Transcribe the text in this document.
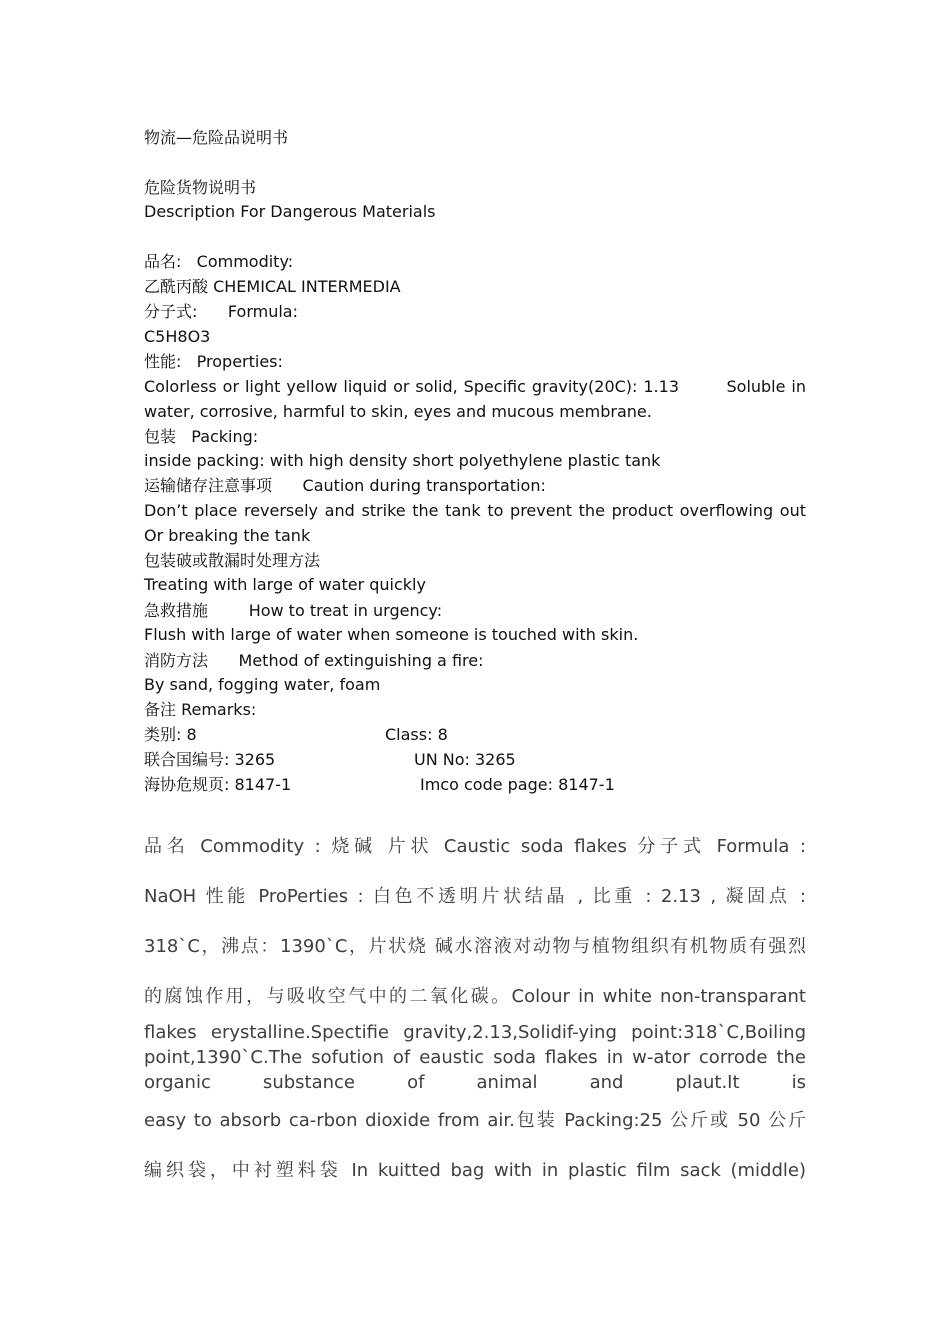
物流—危险品说明书
危险货物说明书
Description For Dangerous Materials
品名:   Commodity:
乙酰丙酸 CHEMICAL INTERMEDIA
分子式:      Formula:
C5H8O3
性能:   Properties:
Colorless or light yellow liquid or solid, Specific gravity(20C): 1.13        Soluble in water, corrosive, harmful to skin, eyes and mucous membrane.
包装   Packing:
inside packing: with high density short polyethylene plastic tank
运输储存注意事项      Caution during transportation:
Don’t place reversely and strike the tank to prevent the product overflowing out Or breaking the tank
包装破或散漏时处理方法
Treating with large of water quickly
急救措施        How to treat in urgency:
Flush with large of water when someone is touched with skin.
消防方法      Method of extinguishing a fire:
By sand, fogging water, foam
备注 Remarks:
类别: 8	Class: 8
联合国编号: 3265	UN No: 3265
海协危规页: 8147-1	Imco code page: 8147-1
品名 Commodity : 烧碱 片状 Caustic soda flakes 分子式 Formula :
NaOH 性能 ProPerties : 白色不透明片状结晶 , 比重 : 2.13 , 凝固点 :
318`C，沸点：1390`C，片状烧 碱水溶液对动物与植物组织有机物质有强烈
的腐蚀作用，与吸收空气中的二氧化碳。Colour in white non-transparant
flakes erystalline.Spectifie gravity,2.13,Solidif-ying point:318`C,Boiling point,1390`C.The sofution of eaustic soda flakes in w-ator corrode the organic substance of animal and plaut.It is
easy to absorb ca-rbon dioxide from air.包装 Packing:25 公斤或 50 公斤
编织袋，中衬塑料袋 In kuitted bag with in plastic film sack (middle)
